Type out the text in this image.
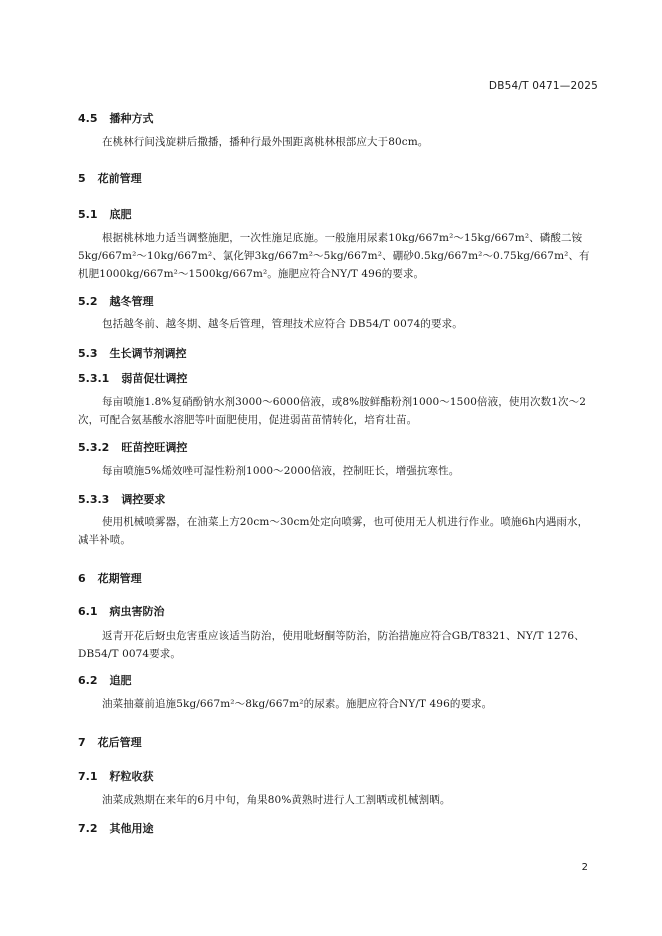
DB54/T 0471—2025
4.5 播种方式
在桃林行间浅旋耕后撒播，播种行最外围距离桃林根部应大于80cm。
5 花前管理
5.1 底肥
根据桃林地力适当调整施肥，一次性施足底施。一般施用尿素10kg/667m²～15kg/667m²、磷酸二铵5kg/667m²～10kg/667m²、氯化钾3kg/667m²～5kg/667m²、硼砂0.5kg/667m²～0.75kg/667m²、有机肥1000kg/667m²～1500kg/667m²。施肥应符合NY/T 496的要求。
5.2 越冬管理
包括越冬前、越冬期、越冬后管理，管理技术应符合 DB54/T 0074的要求。
5.3 生长调节剂调控
5.3.1 弱苗促壮调控
每亩喷施1.8%复硝酚钠水剂3000～6000倍液，或8%胺鲜酯粉剂1000～1500倍液，使用次数1次～2次，可配合氨基酸水溶肥等叶面肥使用，促进弱苗苗情转化，培育壮苗。
5.3.2 旺苗控旺调控
每亩喷施5%烯效唑可湿性粉剂1000～2000倍液，控制旺长，增强抗寒性。
5.3.3 调控要求
使用机械喷雾器，在油菜上方20cm～30cm处定向喷雾，也可使用无人机进行作业。喷施6h内遇雨水，减半补喷。
6 花期管理
6.1 病虫害防治
返青开花后蚜虫危害重应该适当防治，使用吡蚜酮等防治，防治措施应符合GB/T8321、NY/T 1276、DB54/T 0074要求。
6.2 追肥
油菜抽薹前追施5kg/667m²～8kg/667m²的尿素。施肥应符合NY/T 496的要求。
7 花后管理
7.1 籽粒收获
油菜成熟期在来年的6月中旬，角果80%黄熟时进行人工割晒或机械割晒。
7.2 其他用途
2
